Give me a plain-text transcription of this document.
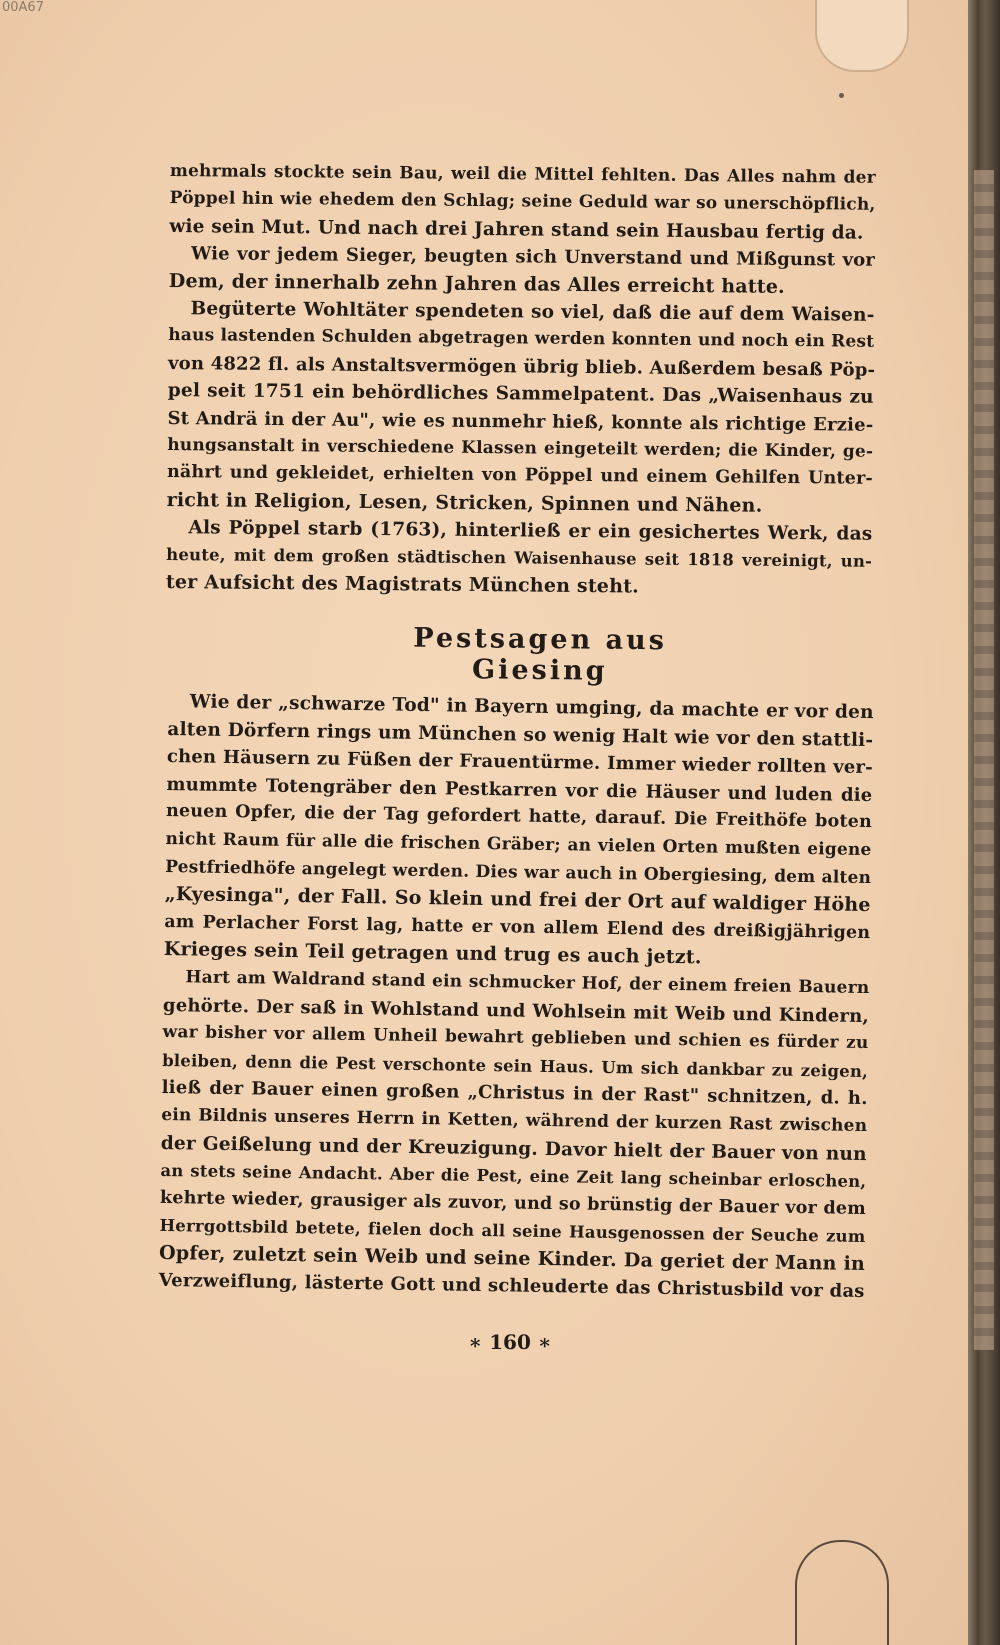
00A67
mehrmals stockte sein Bau, weil die Mittel fehlten. Das Alles nahm der
Pöppel hin wie ehedem den Schlag; seine Geduld war so unerschöpflich,
wie sein Mut. Und nach drei Jahren stand sein Hausbau fertig da.
Wie vor jedem Sieger, beugten sich Unverstand und Mißgunst vor
Dem, der innerhalb zehn Jahren das Alles erreicht hatte.
Begüterte Wohltäter spendeten so viel, daß die auf dem Waisen-
haus lastenden Schulden abgetragen werden konnten und noch ein Rest
von 4822 fl. als Anstaltsvermögen übrig blieb. Außerdem besaß Pöp-
pel seit 1751 ein behördliches Sammelpatent. Das „Waisenhaus zu
St Andrä in der Au", wie es nunmehr hieß, konnte als richtige Erzie-
hungsanstalt in verschiedene Klassen eingeteilt werden; die Kinder, ge-
nährt und gekleidet, erhielten von Pöppel und einem Gehilfen Unter-
richt in Religion, Lesen, Stricken, Spinnen und Nähen.
Als Pöppel starb (1763), hinterließ er ein gesichertes Werk, das
heute, mit dem großen städtischen Waisenhause seit 1818 vereinigt, un-
ter Aufsicht des Magistrats München steht.
Pestsagen aus Giesing
Wie der „schwarze Tod" in Bayern umging, da machte er vor den
alten Dörfern rings um München so wenig Halt wie vor den stattli-
chen Häusern zu Füßen der Frauentürme. Immer wieder rollten ver-
mummte Totengräber den Pestkarren vor die Häuser und luden die
neuen Opfer, die der Tag gefordert hatte, darauf. Die Freithöfe boten
nicht Raum für alle die frischen Gräber; an vielen Orten mußten eigene
Pestfriedhöfe angelegt werden. Dies war auch in Obergiesing, dem alten
„Kyesinga", der Fall. So klein und frei der Ort auf waldiger Höhe
am Perlacher Forst lag, hatte er von allem Elend des dreißigjährigen
Krieges sein Teil getragen und trug es auch jetzt.
Hart am Waldrand stand ein schmucker Hof, der einem freien Bauern
gehörte. Der saß in Wohlstand und Wohlsein mit Weib und Kindern,
war bisher vor allem Unheil bewahrt geblieben und schien es fürder zu
bleiben, denn die Pest verschonte sein Haus. Um sich dankbar zu zeigen,
ließ der Bauer einen großen „Christus in der Rast" schnitzen, d. h.
ein Bildnis unseres Herrn in Ketten, während der kurzen Rast zwischen
der Geißelung und der Kreuzigung. Davor hielt der Bauer von nun
an stets seine Andacht. Aber die Pest, eine Zeit lang scheinbar erloschen,
kehrte wieder, grausiger als zuvor, und so brünstig der Bauer vor dem
Herrgottsbild betete, fielen doch all seine Hausgenossen der Seuche zum
Opfer, zuletzt sein Weib und seine Kinder. Da geriet der Mann in
Verzweiflung, lästerte Gott und schleuderte das Christusbild vor das
∗ 160 ∗
